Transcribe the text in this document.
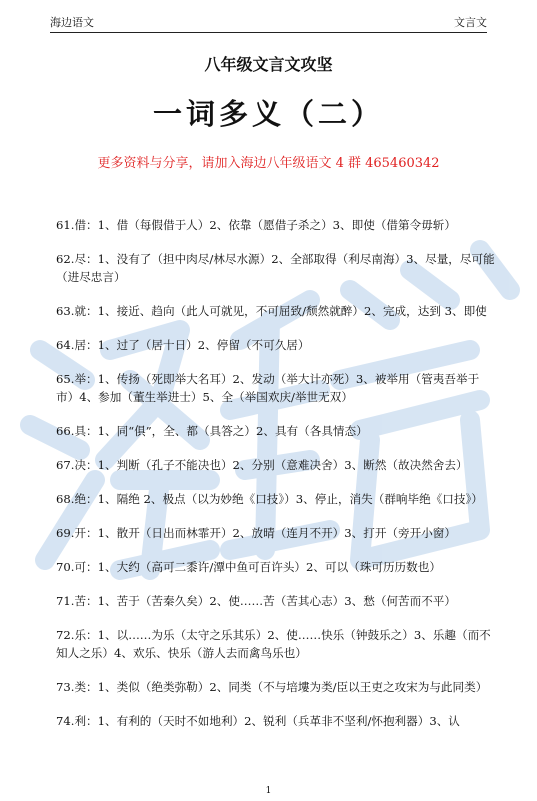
海边语文	文言文
八年级文言文攻坚
一词多义（二）
更多资料与分享，请加入海边八年级语文 4 群 465460342
61.借：1、借（每假借于人）2、依靠（愿借子杀之）3、即使（借第令毋斩）
62.尽：1、没有了（担中肉尽/林尽水源）2、全部取得（利尽南海）3、尽量，尽可能（进尽忠言）
63.就：1、接近、趋向（此人可就见，不可屈致/颓然就醉）2、完成，达到 3、即使
64.居：1、过了（居十日）2、停留（不可久居）
65.举：1、传扬（死即举大名耳）2、发动（举大计亦死）3、被举用（管夷吾举于市）4、参加（董生举进士）5、全（举国欢庆/举世无双）
66.具：1、同“俱”，全、都（具答之）2、具有（各具情态）
67.决：1、判断（孔子不能决也）2、分别（意难决舍）3、断然（故决然舍去）
68.绝：1、隔绝 2、极点（以为妙绝《口技》）3、停止，消失（群响毕绝《口技》）
69.开：1、散开（日出而林霏开）2、放晴（连月不开）3、打开（旁开小窗）
70.可：1、大约（高可二黍许/潭中鱼可百许头）2、可以（珠可历历数也）
71.苦：1、苦于（苦秦久矣）2、使……苦（苦其心志）3、愁（何苦而不平）
72.乐：1、以……为乐（太守之乐其乐）2、使……快乐（钟鼓乐之）3、乐趣（而不知人之乐）4、欢乐、快乐（游人去而禽鸟乐也）
73.类：1、类似（绝类弥勒）2、同类（不与培塿为类/臣以王吏之攻宋为与此同类）
74.利：1、有利的（天时不如地利）2、锐利（兵革非不坚利/怀抱利器）3、认
1
